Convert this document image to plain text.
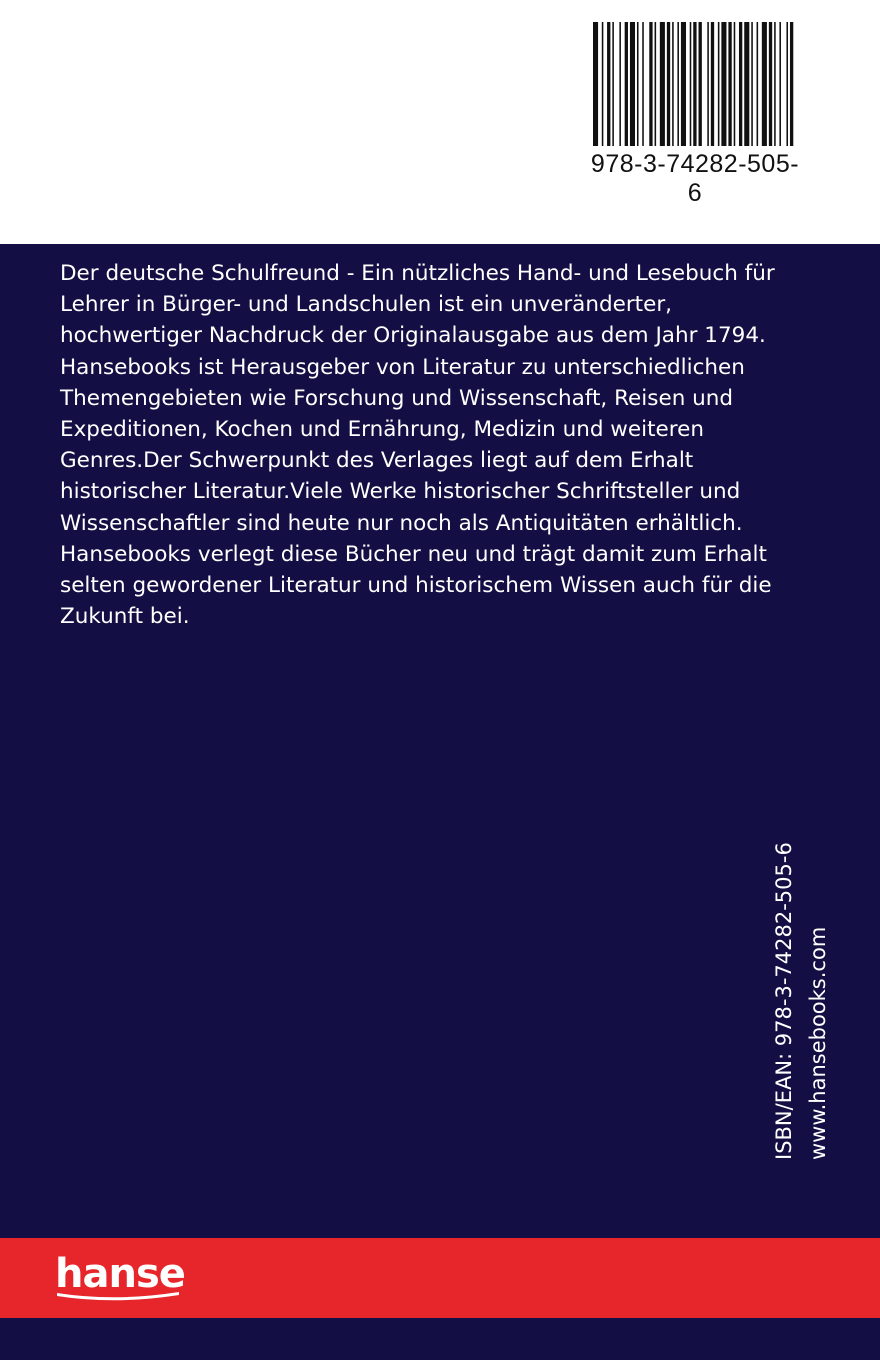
978-3-74282-505-6

Der deutsche Schulfreund - Ein nützliches Hand- und Lesebuch für Lehrer in Bürger- und Landschulen ist ein unveränderter, hochwertiger Nachdruck der Originalausgabe aus dem Jahr 1794. Hansebooks ist Herausgeber von Literatur zu unterschiedlichen Themengebieten wie Forschung und Wissenschaft, Reisen und Expeditionen, Kochen und Ernährung, Medizin und weiteren Genres.Der Schwerpunkt des Verlages liegt auf dem Erhalt historischer Literatur.Viele Werke historischer Schriftsteller und Wissenschaftler sind heute nur noch als Antiquitäten erhältlich. Hansebooks verlegt diese Bücher neu und trägt damit zum Erhalt selten gewordener Literatur und historischem Wissen auch für die Zukunft bei.

ISBN/EAN: 978-3-74282-505-6 www.hansebooks.com
hanse
